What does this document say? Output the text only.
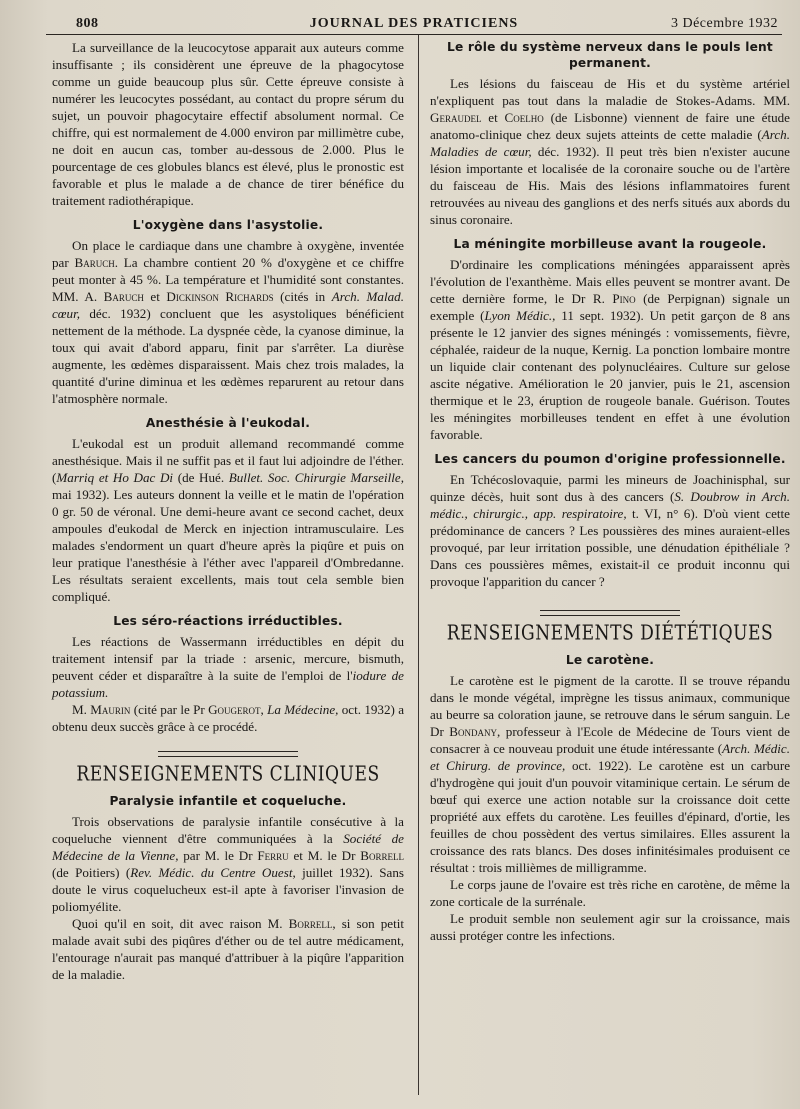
808	JOURNAL DES PRATICIENS	3 Décembre 1932

La surveillance de la leucocytose apparait aux auteurs comme insuffisante ; ils considèrent une épreuve de la phagocytose comme un guide beaucoup plus sûr. Cette épreuve consiste à numérer les leucocytes possédant, au contact du propre sérum du sujet, un pouvoir phagocytaire effectif absolument normal. Ce chiffre, qui est normalement de 4.000 environ par millimètre cube, ne doit en aucun cas, tomber au-dessous de 2.000. Plus le pourcentage de ces globules blancs est élevé, plus le pronostic est favorable et plus le malade a de chance de tirer bénéfice du traitement radiothérapique.

L'oxygène dans l'asystolie.

On place le cardiaque dans une chambre à oxygène, inventée par Baruch. La chambre contient 20 % d'oxygène et ce chiffre peut monter à 45 %. La température et l'humidité sont constantes. MM. A. Baruch et Dickinson Richards (cités in Arch. Malad. cœur, déc. 1932) concluent que les asystoliques bénéficient nettement de la méthode. La dyspnée cède, la cyanose diminue, la toux qui avait d'abord apparu, finit par s'arrêter. La diurèse augmente, les œdèmes disparaissent. Mais chez trois malades, la quantité d'urine diminua et les œdèmes reparurent au retour dans l'atmosphère normale.

Anesthésie à l'eukodal.

L'eukodal est un produit allemand recommandé comme anesthésique. Mais il ne suffit pas et il faut lui adjoindre de l'éther. (Marriq et Ho Dac Di (de Hué. Bullet. Soc. Chirurgie Marseille, mai 1932). Les auteurs donnent la veille et le matin de l'opération 0 gr. 50 de véronal. Une demi-heure avant ce second cachet, deux ampoules d'eukodal de Merck en injection intramusculaire. Les malades s'endorment un quart d'heure après la piqûre et puis on leur pratique l'anesthésie à l'éther avec l'appareil d'Ombredanne. Les résultats seraient excellents, mais tout cela semble bien compliqué.

Les séro-réactions irréductibles.

Les réactions de Wassermann irréductibles en dépit du traitement intensif par la triade : arsenic, mercure, bismuth, peuvent céder et disparaître à la suite de l'emploi de l'iodure de potassium.

M. Maurin (cité par le Pr Gougerot, La Médecine, oct. 1932) a obtenu deux succès grâce à ce procédé.

RENSEIGNEMENTS CLINIQUES
Paralysie infantile et coqueluche.

Trois observations de paralysie infantile consécutive à la coqueluche viennent d'être communiquées à la Société de Médecine de la Vienne, par M. le Dr Ferru et M. le Dr Borrell (de Poitiers) (Rev. Médic. du Centre Ouest, juillet 1932). Sans doute le virus coquelucheux est-il apte à favoriser l'invasion de poliomyélite.

Quoi qu'il en soit, dit avec raison M. Borrell, si son petit malade avait subi des piqûres d'éther ou de tel autre médicament, l'entourage n'aurait pas manqué d'attribuer à la piqûre l'apparition de la maladie.

Le rôle du système nerveux dans le pouls lent permanent.

Les lésions du faisceau de His et du système artériel n'expliquent pas tout dans la maladie de Stokes-Adams. MM. Geraudel et Coelho (de Lisbonne) viennent de faire une étude anatomo-clinique chez deux sujets atteints de cette maladie (Arch. Maladies de cœur, déc. 1932). Il peut très bien n'exister aucune lésion importante et localisée de la coronaire souche ou de l'artère du faisceau de His. Mais des lésions inflammatoires furent retrouvées au niveau des ganglions et des nerfs situés aux abords du sinus coronaire.

La méningite morbilleuse avant la rougeole.

D'ordinaire les complications méningées apparaissent après l'évolution de l'exanthème. Mais elles peuvent se montrer avant. De cette dernière forme, le Dr R. Pino (de Perpignan) signale un exemple (Lyon Médic., 11 sept. 1932). Un petit garçon de 8 ans présente le 12 janvier des signes méningés : vomissements, fièvre, céphalée, raideur de la nuque, Kernig. La ponction lombaire montre un liquide clair contenant des polynucléaires. Culture sur gelose ascite négative. Amélioration le 20 janvier, puis le 21, ascension thermique et le 23, éruption de rougeole banale. Guérison. Toutes les méningites morbilleuses tendent en effet à une évolution favorable.

Les cancers du poumon d'origine professionnelle.

En Tchécoslovaquie, parmi les mineurs de Joachinisphal, sur quinze décès, huit sont dus à des cancers (S. Doubrow in Arch. médic., chirurgic., app. respiratoire, t. VI, n° 6). D'où vient cette prédominance de cancers ? Les poussières des mines auraient-elles provoqué, par leur irritation possible, une dénudation épithéliale ? Dans ces poussières mêmes, existait-il ce produit inconnu qui provoque l'apparition du cancer ?

RENSEIGNEMENTS DIÉTÉTIQUES
Le carotène.

Le carotène est le pigment de la carotte. Il se trouve répandu dans le monde végétal, imprègne les tissus animaux, communique au beurre sa coloration jaune, se retrouve dans le sérum sanguin. Le Dr Bondany, professeur à l'Ecole de Médecine de Tours vient de consacrer à ce nouveau produit une étude intéressante (Arch. Médic. et Chirurg. de province, oct. 1922). Le carotène est un carbure d'hydrogène qui jouit d'un pouvoir vitaminique certain. Le sérum de bœuf qui exerce une action notable sur la croissance doit cette propriété aux effets du carotène. Les feuilles d'épinard, d'ortie, les feuilles de chou possèdent des vertus similaires. Elles assurent la croissance des rats blancs. Des doses infinitésimales produisent ce résultat : trois millièmes de milligramme.

Le corps jaune de l'ovaire est très riche en carotène, de même la zone corticale de la surrénale.

Le produit semble non seulement agir sur la croissance, mais aussi protéger contre les infections.
